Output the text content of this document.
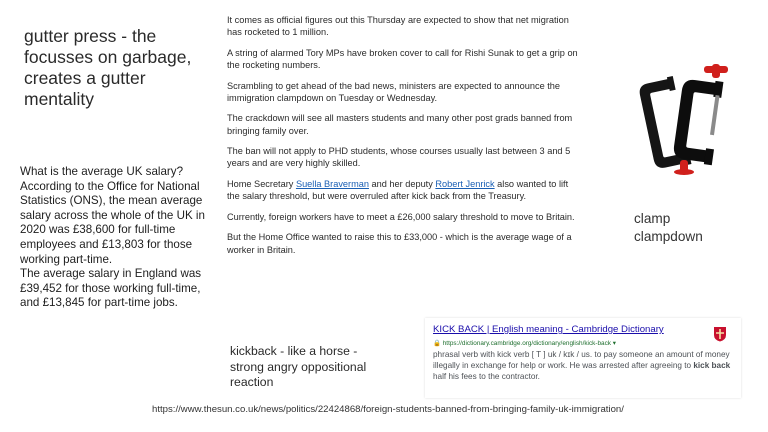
gutter press - the focusses on garbage, creates a gutter mentality
What is the average UK salary?
According to the Office for National Statistics (ONS), the mean average salary across the whole of the UK in 2020 was £38,600 for full-time employees and £13,803 for those working part-time.
The average salary in England was £39,452 for those working full-time, and £13,845 for part-time jobs.

It comes as official figures out this Thursday are expected to show that net migration has rocketed to 1 million.

A string of alarmed Tory MPs have broken cover to call for Rishi Sunak to get a grip on the rocketing numbers.

Scrambling to get ahead of the bad news, ministers are expected to announce the immigration clampdown on Tuesday or Wednesday.

The crackdown will see all masters students and many other post grads banned from bringing family over.

The ban will not apply to PHD students, whose courses usually last between 3 and 5 years and are very highly skilled.

Home Secretary Suella Braverman and her deputy Robert Jenrick also wanted to lift the salary threshold, but were overruled after kick back from the Treasury.

Currently, foreign workers have to meet a £26,000 salary threshold to move to Britain.

But the Home Office wanted to raise this to £33,000 - which is the average wage of a worker in Britain.

clamp
clampdown
kickback - like a horse - strong angry oppositional reaction
KICK BACK | English meaning - Cambridge Dictionary
🔒 https://dictionary.cambridge.org/dictionary/english/kick-back ▾
phrasal verb with kick verb [ T ] uk / kɪk / us. to pay someone an amount of money illegally in exchange for help or work. He was arrested after agreeing to kick back half his fees to the contractor.
https://www.thesun.co.uk/news/politics/22424868/foreign-students-banned-from-bringing-family-uk-immigration/
